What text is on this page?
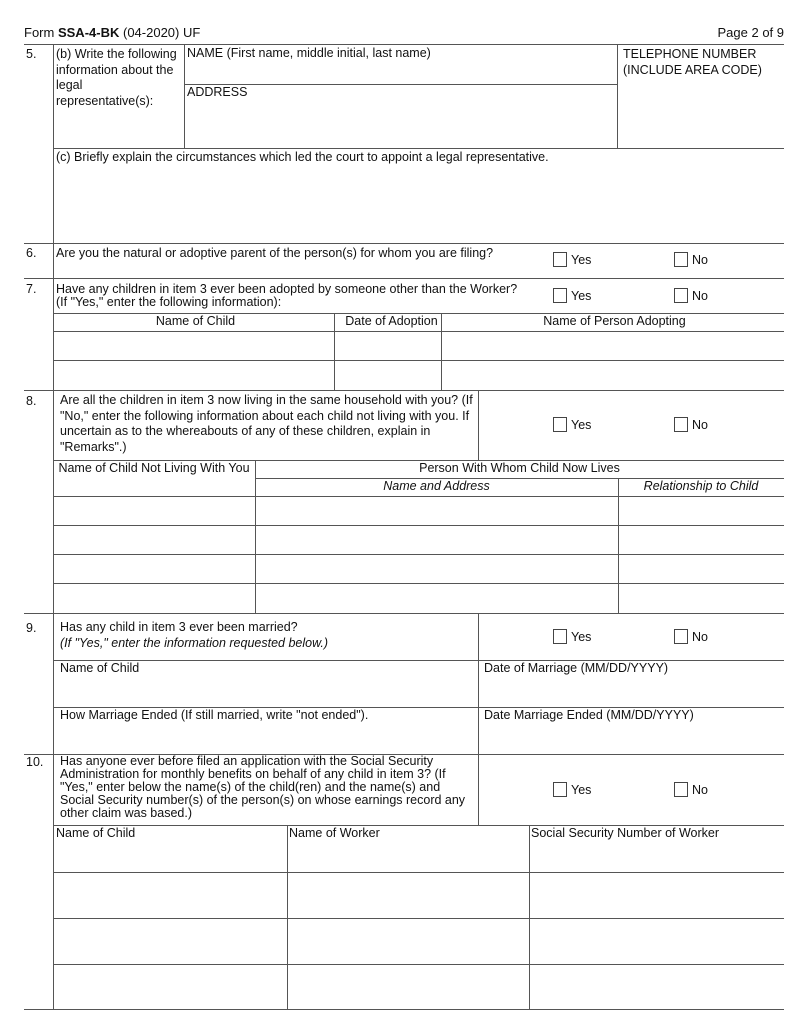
Form SSA-4-BK (04-2020) UF	Page 2 of 9
5. (b) Write the following information about the legal representative(s):
NAME (First name, middle initial, last name)
ADDRESS
TELEPHONE NUMBER (INCLUDE AREA CODE)
(c) Briefly explain the circumstances which led the court to appoint a legal representative.
6. Are you the natural or adoptive parent of the person(s) for whom you are filing?	Yes	No
7. Have any children in item 3 ever been adopted by someone other than the Worker?
(If "Yes," enter the following information):	Yes	No
Name of Child	Date of Adoption	Name of Person Adopting
8. Are all the children in item 3 now living in the same household with you? (If "No," enter the following information about each child not living with you. If uncertain as to the whereabouts of any of these children, explain in "Remarks".)
Yes	No
Name of Child Not Living With You	Person With Whom Child Now Lives
Name and Address	Relationship to Child
9. Has any child in item 3 ever been married?
(If "Yes," enter the information requested below.)	Yes	No
Name of Child	Date of Marriage (MM/DD/YYYY)
How Marriage Ended (If still married, write "not ended").	Date Marriage Ended (MM/DD/YYYY)
10. Has anyone ever before filed an application with the Social Security Administration for monthly benefits on behalf of any child in item 3? (If "Yes," enter below the name(s) of the child(ren) and the name(s) and Social Security number(s) of the person(s) on whose earnings record any other claim was based.)
Yes	No
Name of Child	Name of Worker	Social Security Number of Worker
